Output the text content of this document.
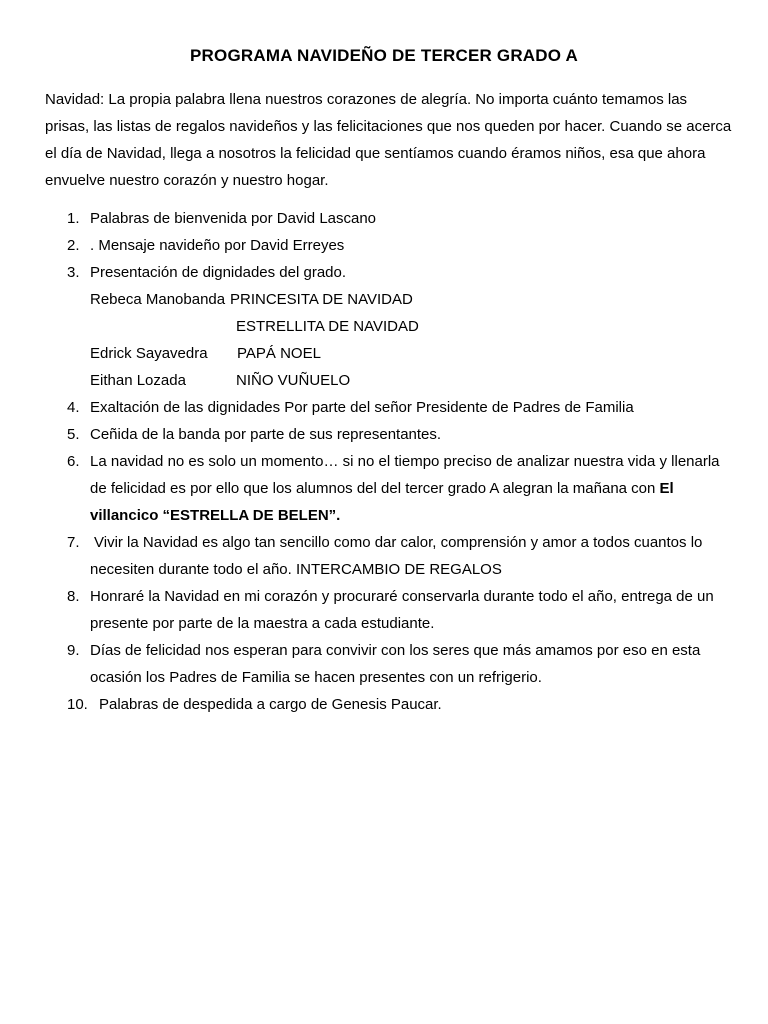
PROGRAMA NAVIDEÑO DE TERCER GRADO A

Navidad: La propia palabra llena nuestros corazones de alegría. No importa cuánto temamos las prisas, las listas de regalos navideños y las felicitaciones que nos queden por hacer. Cuando se acerca el día de Navidad, llega a nosotros la felicidad que sentíamos cuando éramos niños, esa que ahora envuelve nuestro corazón y nuestro hogar.

1. Palabras de bienvenida por David Lascano
2. . Mensaje navideño por David Erreyes
3. Presentación de dignidades del grado.
Rebeca Manobanda PRINCESITA DE NAVIDAD
ESTRELLITA DE NAVIDAD
Edrick Sayavedra PAPÁ NOEL
Eithan Lozada	NIÑO VUÑUELO
4. Exaltación de las dignidades Por parte del señor Presidente de Padres de Familia
5. Ceñida de la banda por parte de sus representantes.
6. La navidad no es solo un momento… si no el tiempo preciso de analizar nuestra vida y llenarla de felicidad es por ello que los alumnos del del tercer grado A alegran la mañana con El villancico “ESTRELLA DE BELEN”.
7. Vivir la Navidad es algo tan sencillo como dar calor, comprensión y amor a todos cuantos lo necesiten durante todo el año. INTERCAMBIO DE REGALOS
8. Honraré la Navidad en mi corazón y procuraré conservarla durante todo el año, entrega de un presente por parte de la maestra a cada estudiante.
9. Días de felicidad nos esperan para convivir con los seres que más amamos por eso en esta ocasión los Padres de Familia se hacen presentes con un refrigerio.
10. Palabras de despedida a cargo de Genesis Paucar.
